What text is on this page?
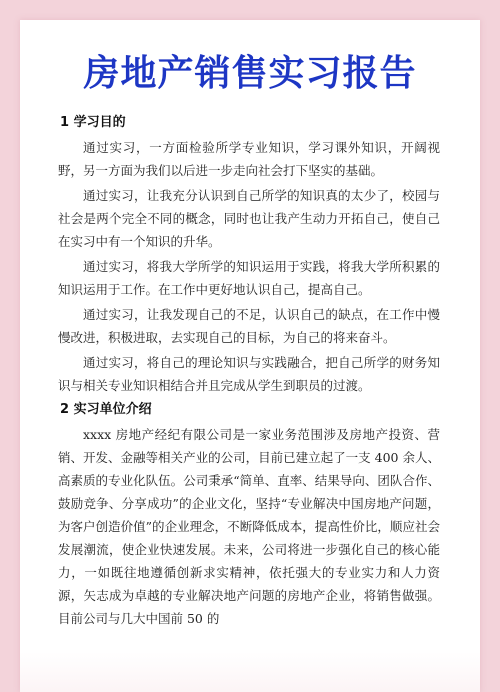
房地产销售实习报告
1 学习目的

通过实习，一方面检验所学专业知识，学习课外知识，开阔视野，另一方面为我们以后进一步走向社会打下坚实的基础。

通过实习，让我充分认识到自己所学的知识真的太少了，校园与社会是两个完全不同的概念，同时也让我产生动力开拓自己，使自己在实习中有一个知识的升华。

通过实习，将我大学所学的知识运用于实践，将我大学所积累的知识运用于工作。在工作中更好地认识自己，提高自己。

通过实习，让我发现自己的不足，认识自己的缺点，在工作中慢慢改进，积极进取，去实现自己的目标，为自己的将来奋斗。

通过实习，将自己的理论知识与实践融合，把自己所学的财务知识与相关专业知识相结合并且完成从学生到职员的过渡。

2 实习单位介绍

xxxx 房地产经纪有限公司是一家业务范围涉及房地产投资、营销、开发、金融等相关产业的公司，目前已建立起了一支 400 余人、高素质的专业化队伍。公司秉承“简单、直率、结果导向、团队合作、鼓励竞争、分享成功”的企业文化，坚持“专业解决中国房地产问题，为客户创造价值”的企业理念，不断降低成本，提高性价比，顺应社会发展潮流，使企业快速发展。未来，公司将进一步强化自己的核心能力，一如既往地遵循创新求实精神，依托强大的专业实力和人力资源，矢志成为卓越的专业解决地产问题的房地产企业，将销售做强。目前公司与几大中国前 50 的
